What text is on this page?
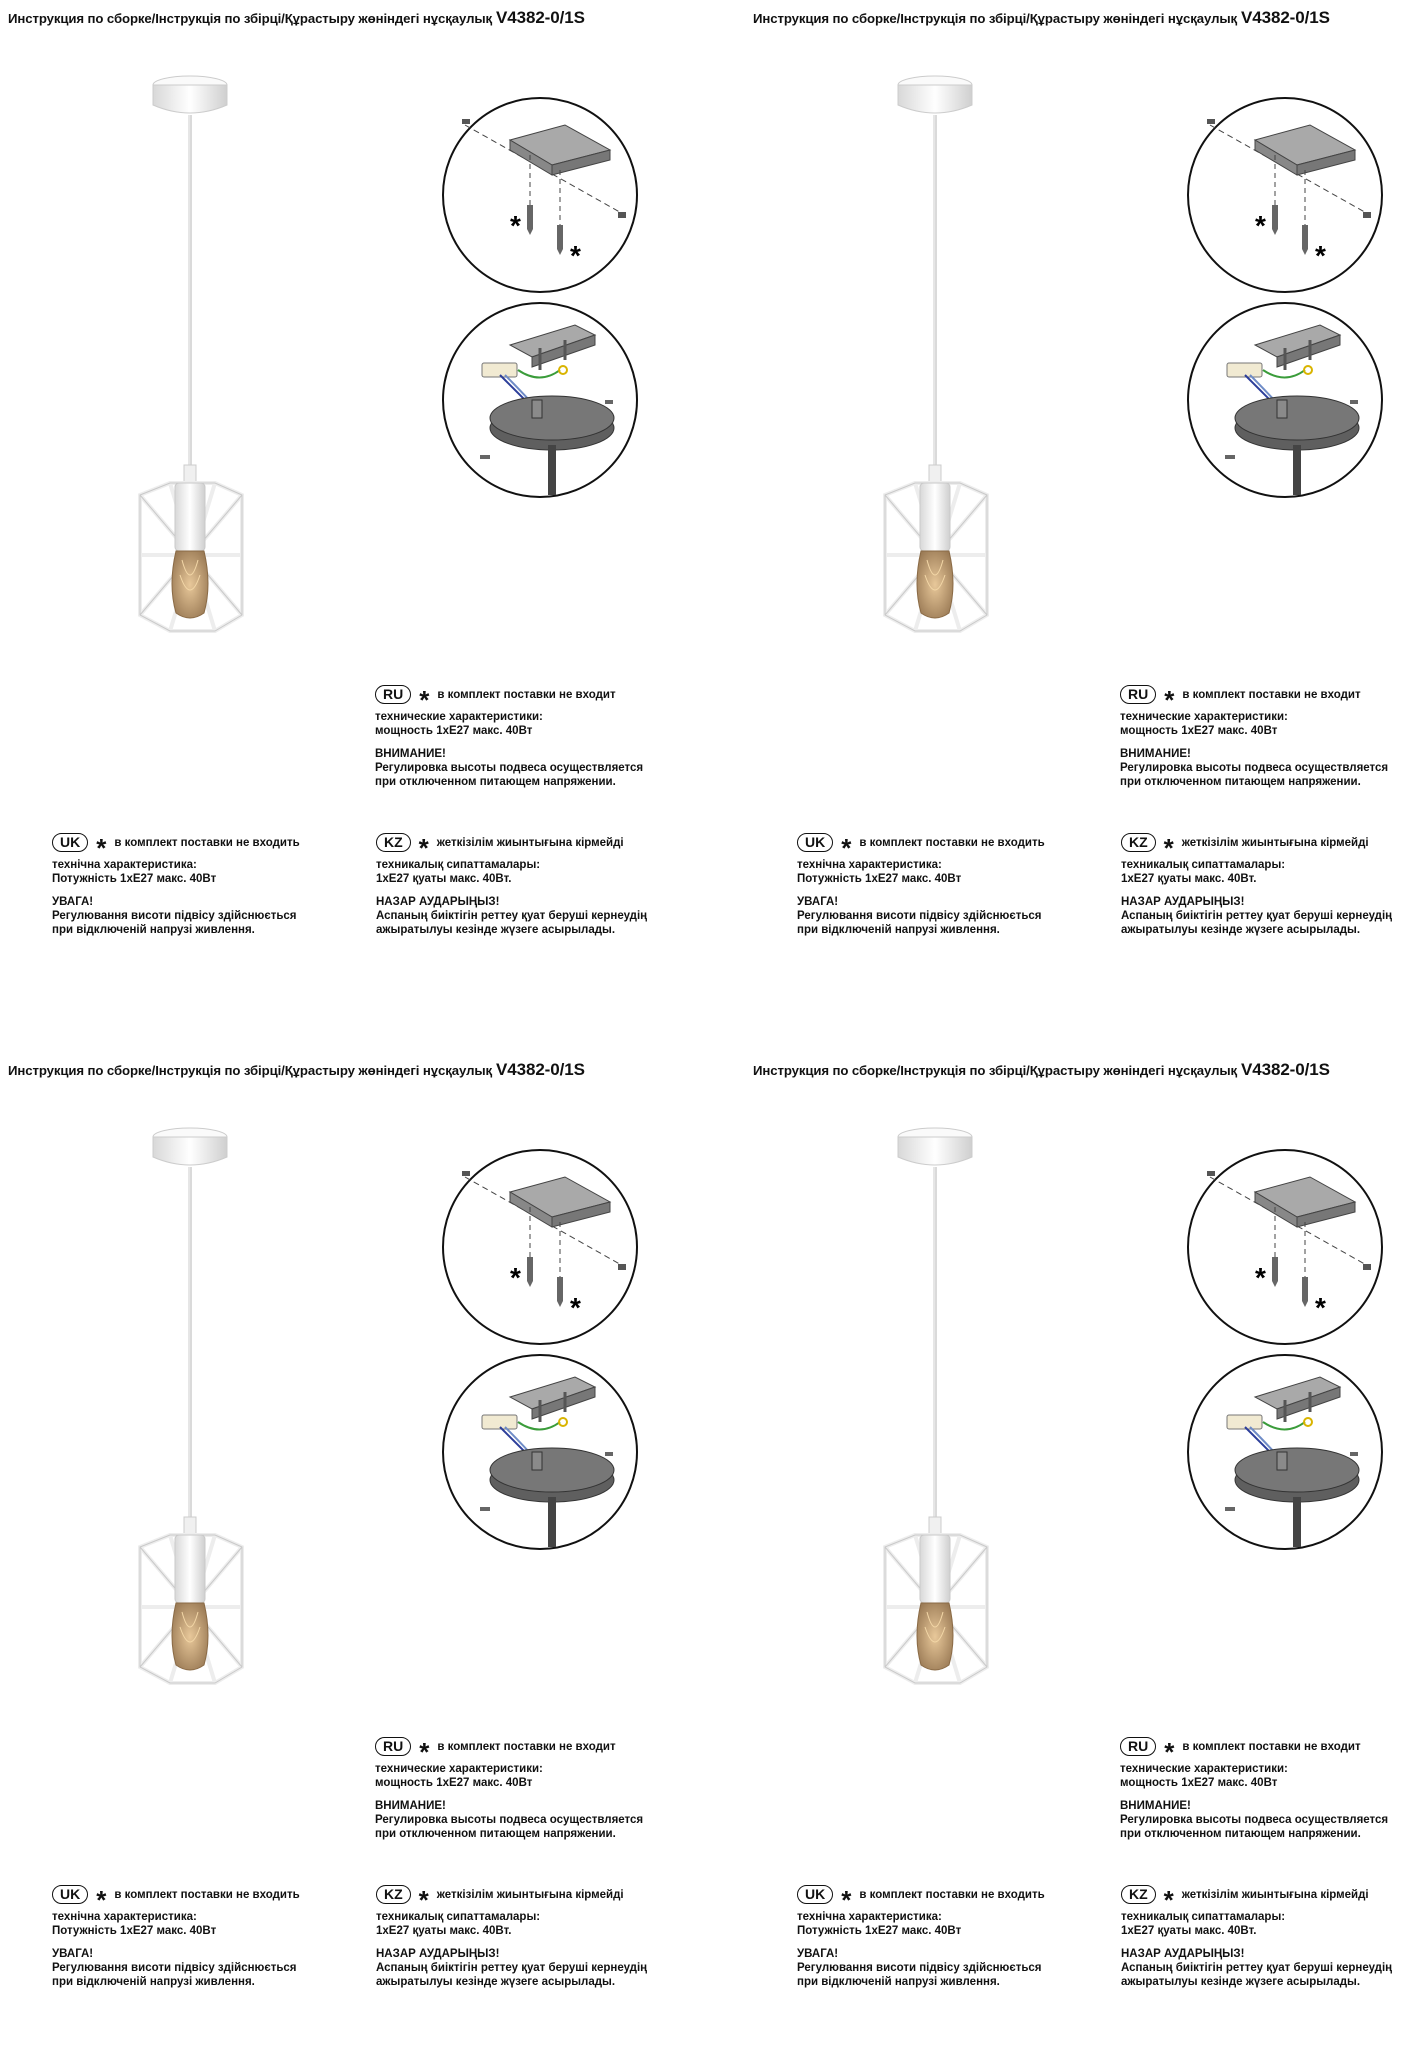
Инструкция по сборке/Інструкція по збірці/Құрастыру жөніндегі нұсқаулық V4382-0/1S
*
*
RU * в комплект поставки не входит
технические характеристики:
мощность 1хЕ27 макс. 40Вт
ВНИМАНИЕ!
Регулировка высоты подвеса осуществляется
при отключенном питающем напряжении.
UK * в комплект поставки не входить
технічна характеристика:
Потужність 1хЕ27 макс. 40Вт
УВАГА!
Регулювання висоти підвісу здійснюється
при відключеній напрузі живлення.
KZ * жеткізілім жиынтығына кірмейді
техникалық сипаттамалары:
1хЕ27 қуаты макс. 40Вт.
НАЗАР АУДАРЫҢЫЗ!
Аспаның биіктігін реттеу қуат беруші кернеудің
ажыратылуы кезінде жүзеге асырылады.
Инструкция по сборке/Інструкція по збірці/Құрастыру жөніндегі нұсқаулық V4382-0/1S
*
*
RU * в комплект поставки не входит
технические характеристики:
мощность 1хЕ27 макс. 40Вт
ВНИМАНИЕ!
Регулировка высоты подвеса осуществляется
при отключенном питающем напряжении.
UK * в комплект поставки не входить
технічна характеристика:
Потужність 1хЕ27 макс. 40Вт
УВАГА!
Регулювання висоти підвісу здійснюється
при відключеній напрузі живлення.
KZ * жеткізілім жиынтығына кірмейді
техникалық сипаттамалары:
1хЕ27 қуаты макс. 40Вт.
НАЗАР АУДАРЫҢЫЗ!
Аспаның биіктігін реттеу қуат беруші кернеудің
ажыратылуы кезінде жүзеге асырылады.
Инструкция по сборке/Інструкція по збірці/Құрастыру жөніндегі нұсқаулық V4382-0/1S
*
*
RU * в комплект поставки не входит
технические характеристики:
мощность 1хЕ27 макс. 40Вт
ВНИМАНИЕ!
Регулировка высоты подвеса осуществляется
при отключенном питающем напряжении.
UK * в комплект поставки не входить
технічна характеристика:
Потужність 1хЕ27 макс. 40Вт
УВАГА!
Регулювання висоти підвісу здійснюється
при відключеній напрузі живлення.
KZ * жеткізілім жиынтығына кірмейді
техникалық сипаттамалары:
1хЕ27 қуаты макс. 40Вт.
НАЗАР АУДАРЫҢЫЗ!
Аспаның биіктігін реттеу қуат беруші кернеудің
ажыратылуы кезінде жүзеге асырылады.
Инструкция по сборке/Інструкція по збірці/Құрастыру жөніндегі нұсқаулық V4382-0/1S
*
*
RU * в комплект поставки не входит
технические характеристики:
мощность 1хЕ27 макс. 40Вт
ВНИМАНИЕ!
Регулировка высоты подвеса осуществляется
при отключенном питающем напряжении.
UK * в комплект поставки не входить
технічна характеристика:
Потужність 1хЕ27 макс. 40Вт
УВАГА!
Регулювання висоти підвісу здійснюється
при відключеній напрузі живлення.
KZ * жеткізілім жиынтығына кірмейді
техникалық сипаттамалары:
1хЕ27 қуаты макс. 40Вт.
НАЗАР АУДАРЫҢЫЗ!
Аспаның биіктігін реттеу қуат беруші кернеудің
ажыратылуы кезінде жүзеге асырылады.
